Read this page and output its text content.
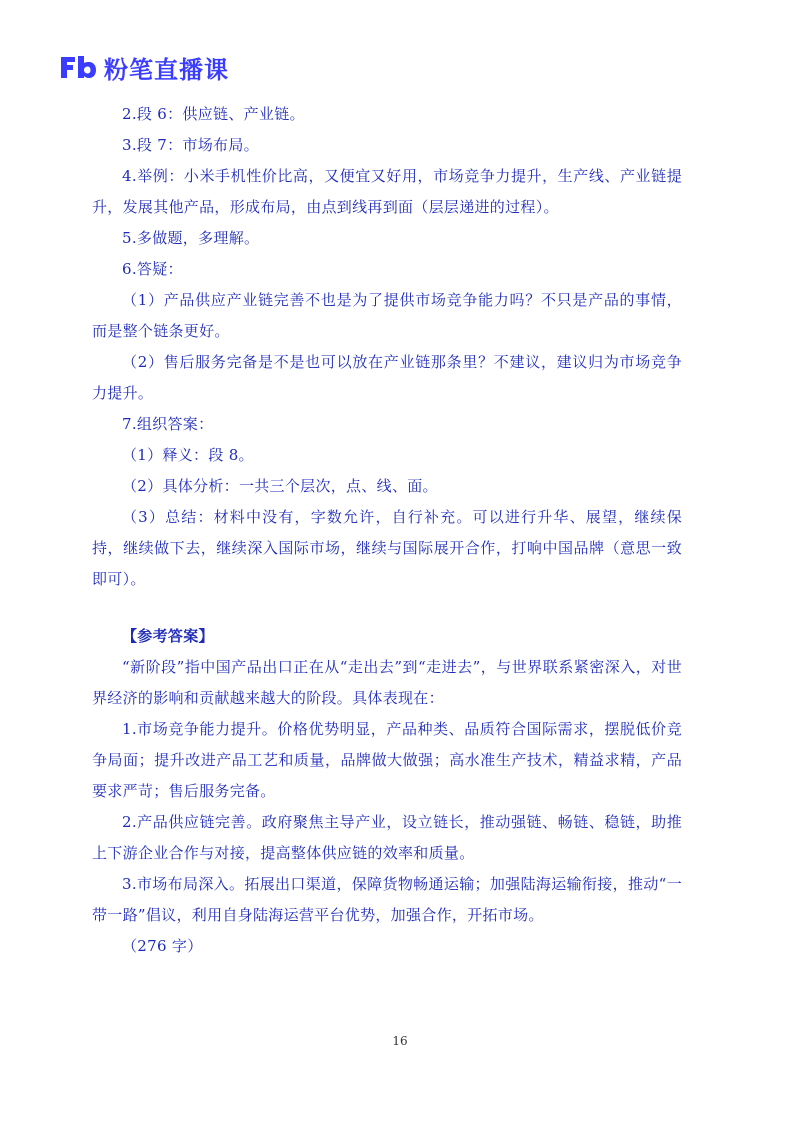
粉笔直播课

2.段 6：供应链、产业链。

3.段 7：市场布局。

4.举例：小米手机性价比高，又便宜又好用，市场竞争力提升，生产线、产业链提升，发展其他产品，形成布局，由点到线再到面（层层递进的过程）。

5.多做题，多理解。

6.答疑：

（1）产品供应产业链完善不也是为了提供市场竞争能力吗？不只是产品的事情，而是整个链条更好。

（2）售后服务完备是不是也可以放在产业链那条里？不建议，建议归为市场竞争力提升。

7.组织答案：

（1）释义：段 8。

（2）具体分析：一共三个层次，点、线、面。

（3）总结：材料中没有，字数允许，自行补充。可以进行升华、展望，继续保持，继续做下去，继续深入国际市场，继续与国际展开合作，打响中国品牌（意思一致即可）。

【参考答案】

“新阶段”指中国产品出口正在从“走出去”到“走进去”，与世界联系紧密深入，对世界经济的影响和贡献越来越大的阶段。具体表现在：

1.市场竞争能力提升。价格优势明显，产品种类、品质符合国际需求，摆脱低价竞争局面；提升改进产品工艺和质量，品牌做大做强；高水准生产技术，精益求精，产品要求严苛；售后服务完备。

2.产品供应链完善。政府聚焦主导产业，设立链长，推动强链、畅链、稳链，助推上下游企业合作与对接，提高整体供应链的效率和质量。

3.市场布局深入。拓展出口渠道，保障货物畅通运输；加强陆海运输衔接，推动“一带一路”倡议，利用自身陆海运营平台优势，加强合作，开拓市场。

（276 字）

16
